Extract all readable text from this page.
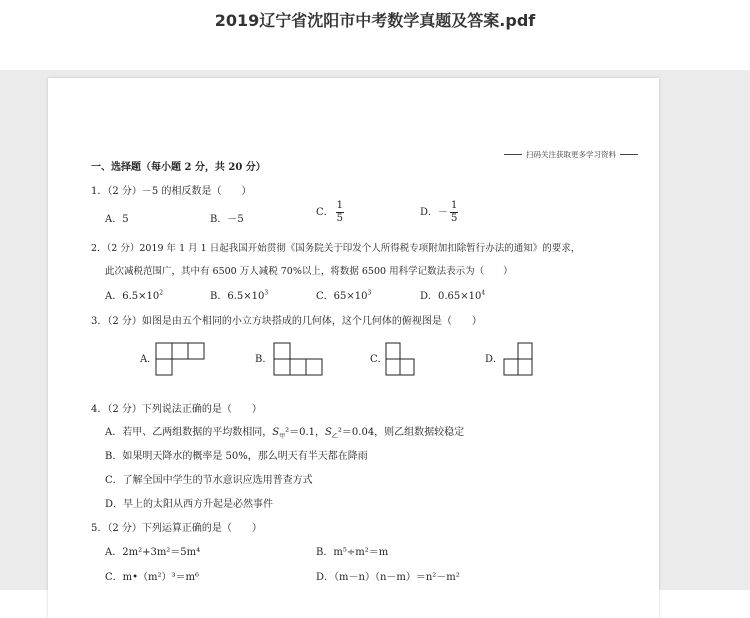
2019辽宁省沈阳市中考数学真题及答案.pdf
扫码关注获取更多学习资料
一、选择题（每小题 2 分，共 20 分）
1．（2 分）－5 的相反数是（　　）
A．5	B．－5
C． $\frac{1}{5}$	D．－ $\frac{1}{5}$
2．（2 分）2019 年 1 月 1 日起我国开始贯彻《国务院关于印发个人所得税专项附加扣除暂行办法的通知》的要求，
此次减税范围广，其中有 6500 万人减税 70%以上，将数据 6500 用科学记数法表示为（　　）
A．$6.5\times 10^2$	B．$6.5\times 10^3$	C．$65\times 10^3$	D．$0.65\times 10^4$
3．（2 分）如图是由五个相同的小立方块搭成的几何体，这个几何体的俯视图是（　　）
A．	B．	C．	D．
4．（2 分）下列说法正确的是（　　）
A．若甲、乙两组数据的平均数相同，$S_甲^2=0.1$，$S_乙^2=0.04$，则乙组数据较稳定
B．如果明天降水的概率是 50%，那么明天有半天都在降雨
C．了解全国中学生的节水意识应选用普查方式
D．早上的太阳从西方升起是必然事件
5．（2 分）下列运算正确的是（　　）
A．2m²+3m²＝5m⁴	B．m⁵÷m²＝m
C．m•（m²）³＝m⁶	D．（m－n）（n－m）＝n²－m²
